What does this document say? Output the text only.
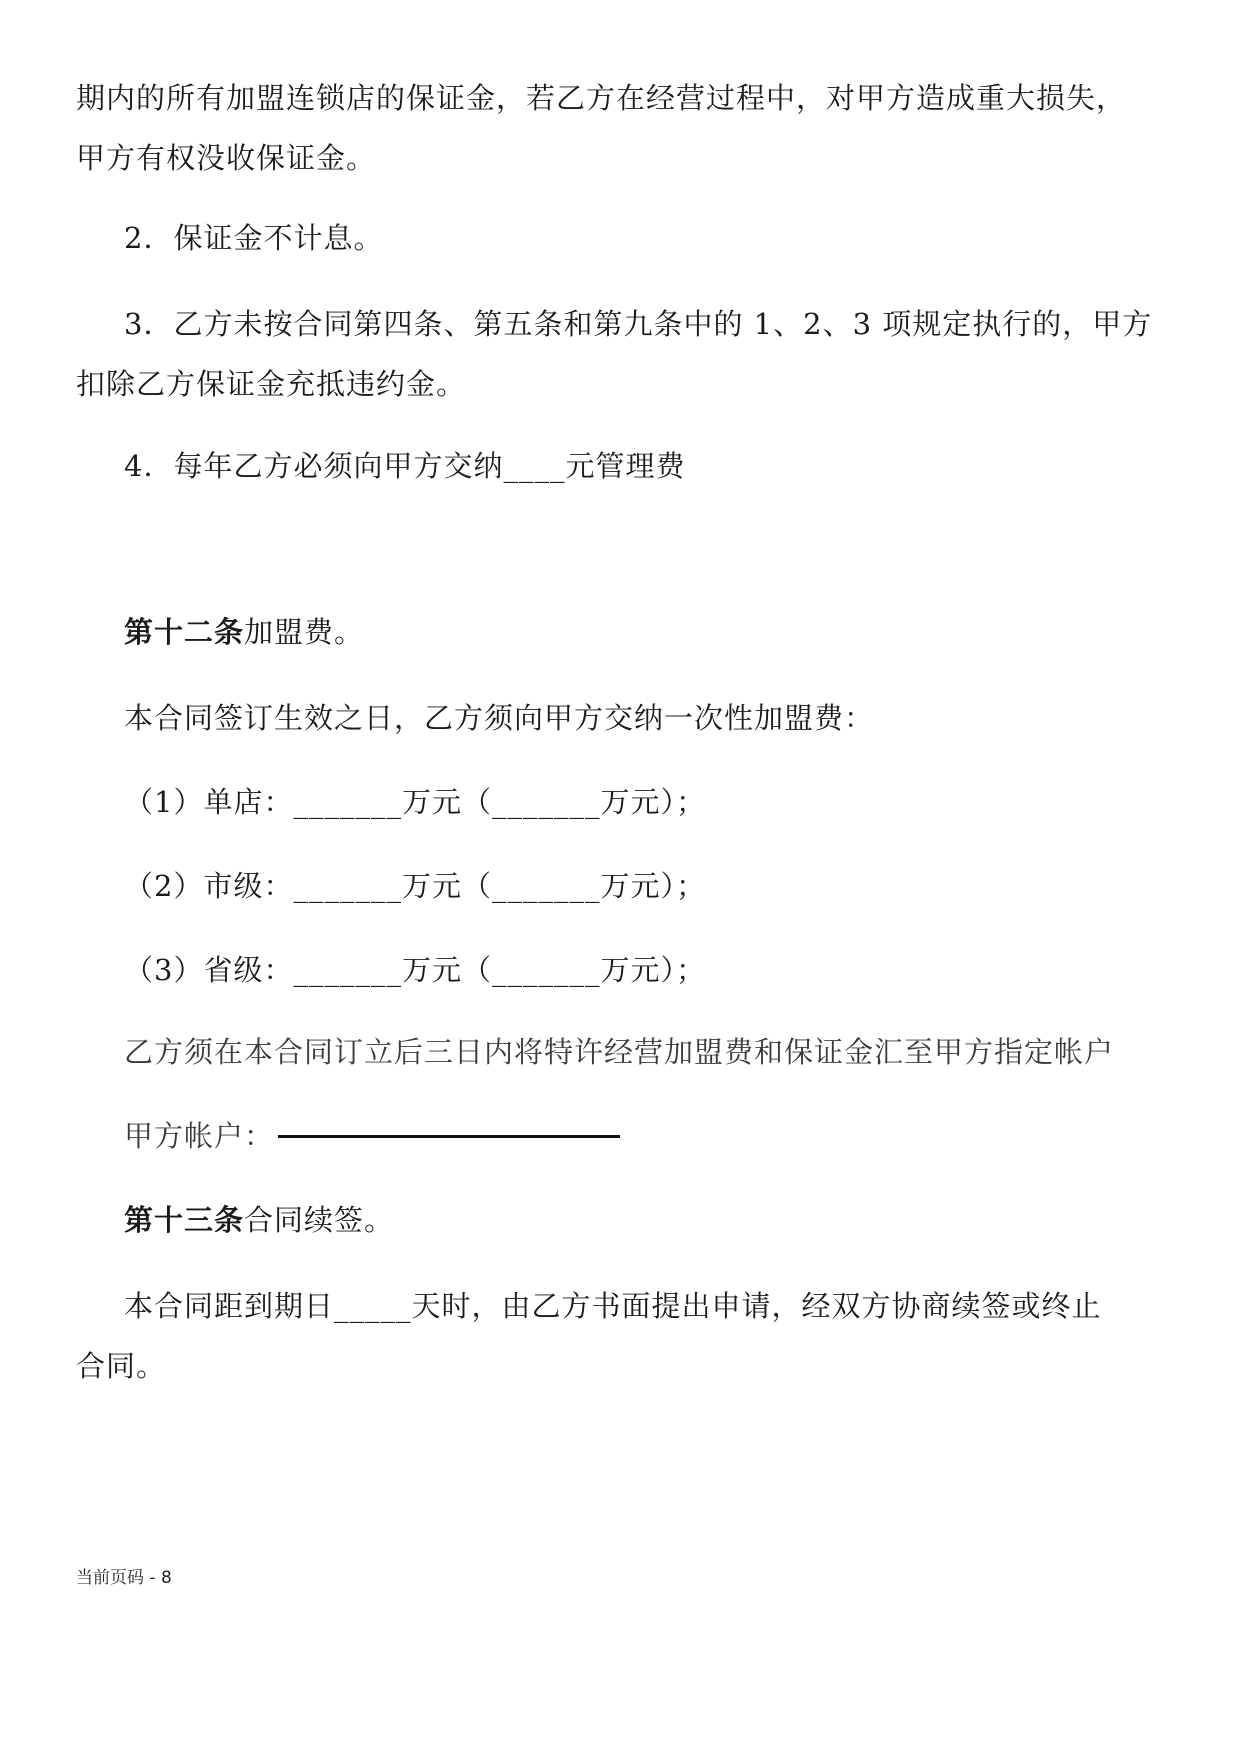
期内的所有加盟连锁店的保证金，若乙方在经营过程中，对甲方造成重大损失，
甲方有权没收保证金。
2．保证金不计息。
3．乙方未按合同第四条、第五条和第九条中的 1、2、3 项规定执行的，甲方
扣除乙方保证金充抵违约金。
4．每年乙方必须向甲方交纳____元管理费
第十二条加盟费。
本合同签订生效之日，乙方须向甲方交纳一次性加盟费：
（1）单店：_______万元（_______万元）；
（2）市级：_______万元（_______万元）；
（3）省级：_______万元（_______万元）；
乙方须在本合同订立后三日内将特许经营加盟费和保证金汇至甲方指定帐户
甲方帐户：
第十三条合同续签。
本合同距到期日_____天时，由乙方书面提出申请，经双方协商续签或终止
合同。
当前页码 - 8
